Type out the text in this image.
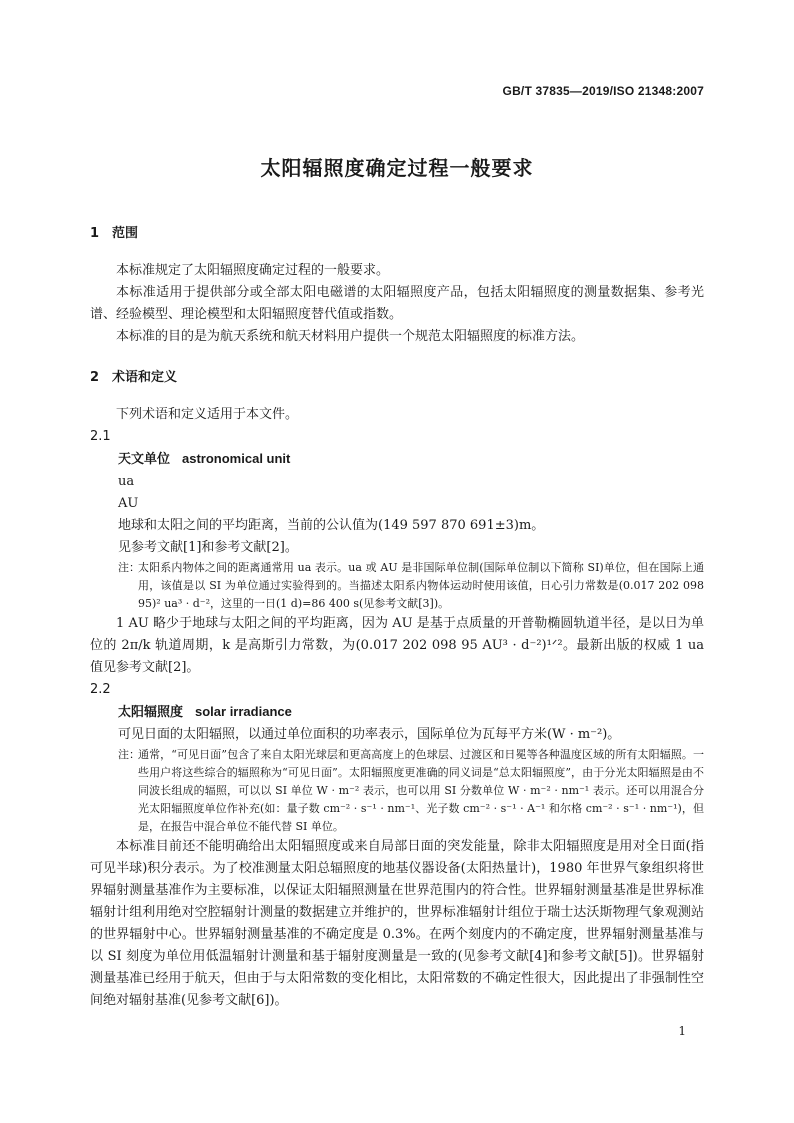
GB/T 37835—2019/ISO 21348:2007
太阳辐照度确定过程一般要求
1　范围
本标准规定了太阳辐照度确定过程的一般要求。
本标准适用于提供部分或全部太阳电磁谱的太阳辐照度产品，包括太阳辐照度的测量数据集、参考光谱、经验模型、理论模型和太阳辐照度替代值或指数。
本标准的目的是为航天系统和航天材料用户提供一个规范太阳辐照度的标准方法。
2　术语和定义
下列术语和定义适用于本文件。
2.1
天文单位 astronomical unit
ua
AU
地球和太阳之间的平均距离，当前的公认值为(149 597 870 691±3)m。
见参考文献[1]和参考文献[2]。
注：
太阳系内物体之间的距离通常用 ua 表示。ua 或 AU 是非国际单位制(国际单位制以下简称 SI)单位，但在国际上通用，该值是以 SI 为单位通过实验得到的。当描述太阳系内物体运动时使用该值，日心引力常数是(0.017 202 098 95)² ua³ · d⁻²，这里的一日(1 d)=86 400 s(见参考文献[3])。
1 AU 略少于地球与太阳之间的平均距离，因为 AU 是基于点质量的开普勒椭圆轨道半径，是以日为单位的 2π/k 轨道周期，k 是高斯引力常数，为(0.017 202 098 95 AU³ · d⁻²)¹ᐟ²。最新出版的权威 1 ua 值见参考文献[2]。
2.2
太阳辐照度 solar irradiance
可见日面的太阳辐照，以通过单位面积的功率表示，国际单位为瓦每平方米(W · m⁻²)。
注：
通常，“可见日面”包含了来自太阳光球层和更高高度上的色球层、过渡区和日冕等各种温度区域的所有太阳辐照。一些用户将这些综合的辐照称为“可见日面”。太阳辐照度更准确的同义词是“总太阳辐照度”，由于分光太阳辐照是由不同波长组成的辐照，可以以 SI 单位 W · m⁻² 表示，也可以用 SI 分数单位 W · m⁻² · nm⁻¹ 表示。还可以用混合分光太阳辐照度单位作补充(如：量子数 cm⁻² · s⁻¹ · nm⁻¹、光子数 cm⁻² · s⁻¹ · A⁻¹ 和尔格 cm⁻² · s⁻¹ · nm⁻¹)，但是，在报告中混合单位不能代替 SI 单位。
本标准目前还不能明确给出太阳辐照度或来自局部日面的突发能量，除非太阳辐照度是用对全日面(指可见半球)积分表示。为了校准测量太阳总辐照度的地基仪器设备(太阳热量计)，1980 年世界气象组织将世界辐射测量基准作为主要标准，以保证太阳辐照测量在世界范围内的符合性。世界辐射测量基准是世界标准辐射计组利用绝对空腔辐射计测量的数据建立并维护的，世界标准辐射计组位于瑞士达沃斯物理气象观测站的世界辐射中心。世界辐射测量基准的不确定度是 0.3%。在两个刻度内的不确定度，世界辐射测量基准与以 SI 刻度为单位用低温辐射计测量和基于辐射度测量是一致的(见参考文献[4]和参考文献[5])。世界辐射测量基准已经用于航天，但由于与太阳常数的变化相比，太阳常数的不确定性很大，因此提出了非强制性空间绝对辐射基准(见参考文献[6])。
1
